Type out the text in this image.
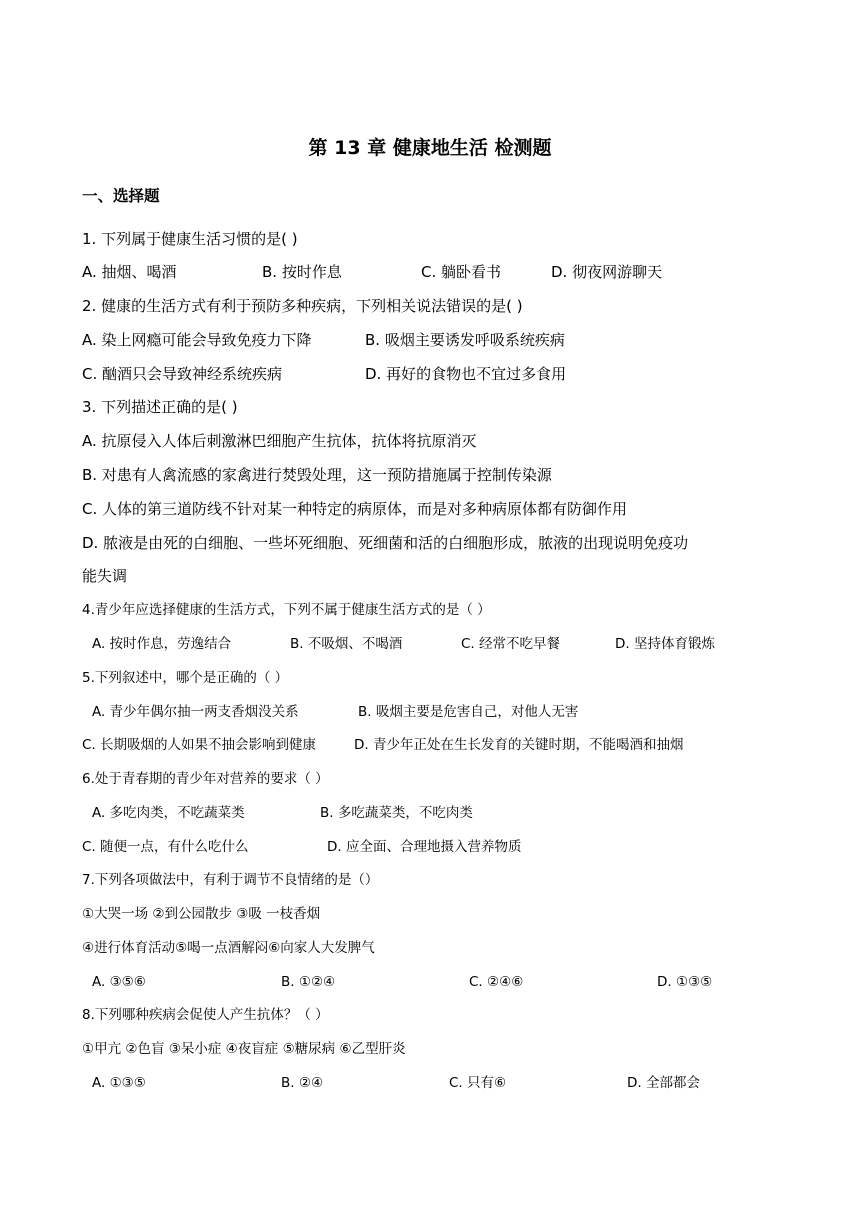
第 13 章 健康地生活 检测题
一、选择题
1. 下列属于健康生活习惯的是( )
A. 抽烟、喝酒	B. 按时作息	C. 躺卧看书	D. 彻夜网游聊天
2. 健康的生活方式有利于预防多种疾病，下列相关说法错误的是( )
A. 染上网瘾可能会导致免疫力下降	B. 吸烟主要诱发呼吸系统疾病
C. 酗酒只会导致神经系统疾病	D. 再好的食物也不宜过多食用
3. 下列描述正确的是( )
A. 抗原侵入人体后刺激淋巴细胞产生抗体，抗体将抗原消灭
B. 对患有人禽流感的家禽进行焚毁处理，这一预防措施属于控制传染源
C. 人体的第三道防线不针对某一种特定的病原体，而是对多种病原体都有防御作用
D. 脓液是由死的白细胞、一些坏死细胞、死细菌和活的白细胞形成，脓液的出现说明免疫功
能失调
4.青少年应选择健康的生活方式，下列不属于健康生活方式的是（ ）
A. 按时作息，劳逸结合	B. 不吸烟、不喝酒	C. 经常不吃早餐	D. 坚持体育锻炼
5.下列叙述中，哪个是正确的（ ）
A. 青少年偶尔抽一两支香烟没关系	B. 吸烟主要是危害自己，对他人无害
C. 长期吸烟的人如果不抽会影响到健康	D. 青少年正处在生长发育的关键时期，不能喝酒和抽烟
6.处于青春期的青少年对营养的要求（ ）
A. 多吃肉类，不吃蔬菜类	B. 多吃蔬菜类，不吃肉类
C. 随便一点，有什么吃什么	D. 应全面、合理地摄入营养物质
7.下列各项做法中，有利于调节不良情绪的是（）
①大哭一场 ②到公园散步 ③吸 一枝香烟
④进行体育活动⑤喝一点酒解闷⑥向家人大发脾气
A. ③⑤⑥	B. ①②④	C. ②④⑥	D. ①③⑤
8.下列哪种疾病会促使人产生抗体？（ ）
①甲亢 ②色盲 ③呆小症 ④夜盲症 ⑤糖尿病 ⑥乙型肝炎
A. ①③⑤	B. ②④	C. 只有⑥	D. 全部都会
